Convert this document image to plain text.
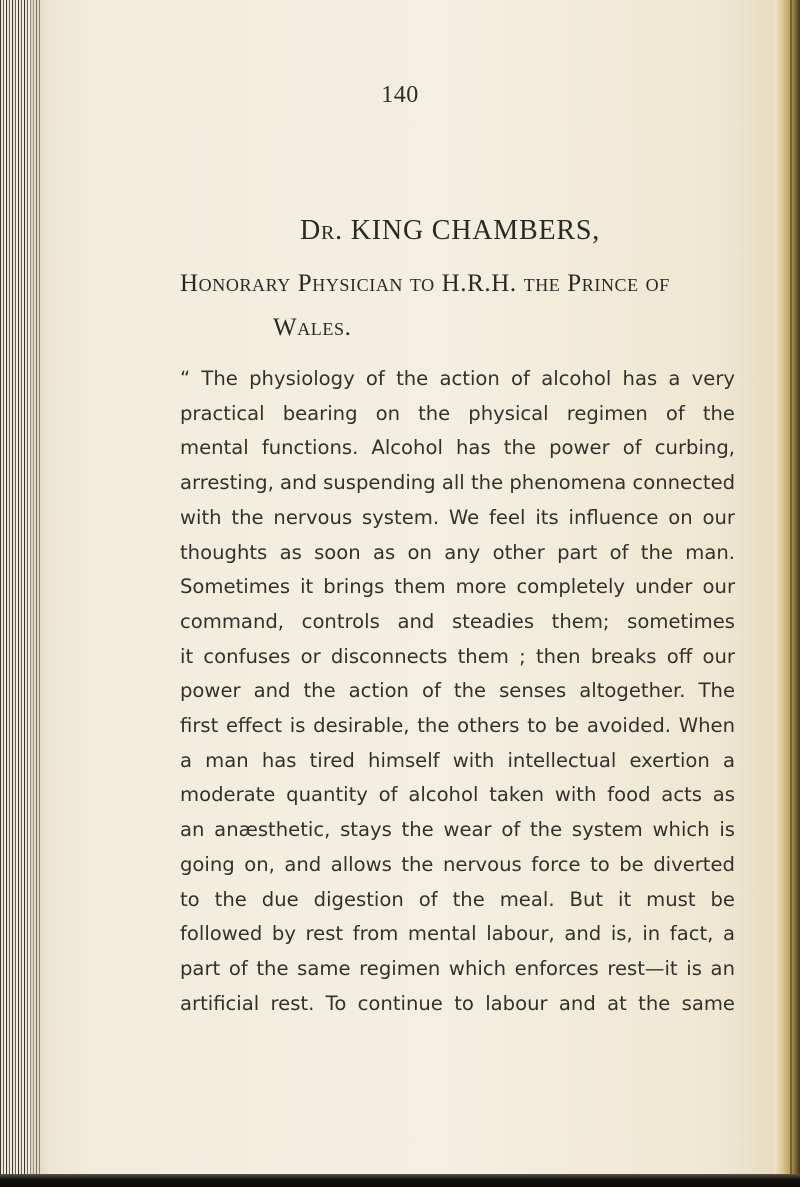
140
Dr. KING CHAMBERS,
Honorary Physician to H.R.H. the Prince of
Wales.
“ The physiology of the action of alcohol has a very
practical bearing on the physical regimen of the
mental functions. Alcohol has the power of curbing,
arresting, and suspending all the phenomena connected
with the nervous system. We feel its influence on our
thoughts as soon as on any other part of the man.
Sometimes it brings them more completely under our
command, controls and steadies them; sometimes
it confuses or disconnects them ; then breaks off our
power and the action of the senses altogether. The
first effect is desirable, the others to be avoided. When
a man has tired himself with intellectual exertion a
moderate quantity of alcohol taken with food acts as
an anæsthetic, stays the wear of the system which is
going on, and allows the nervous force to be diverted
to the due digestion of the meal. But it must be
followed by rest from mental labour, and is, in fact, a
part of the same regimen which enforces rest—it is an
artificial rest. To continue to labour and at the same
